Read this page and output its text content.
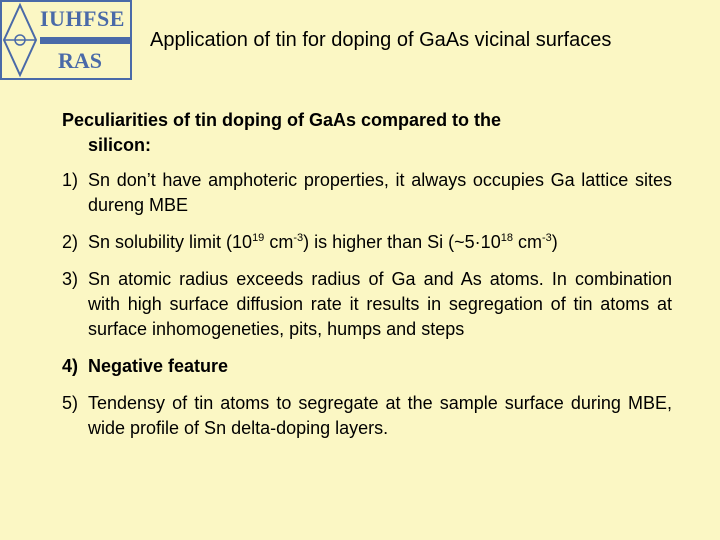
IUHFSE
RAS
Application of tin for doping of GaAs vicinal surfaces
Peculiarities of tin doping of GaAs compared to the
silicon:
1) Sn don’t have amphoteric properties, it always occupies Ga lattice sites dureng MBE
2) Sn solubility limit ($10^{19}$ $cm^{-3}$) is higher than Si ($\sim 5\cdot 10^{18}$ $cm^{-3}$)
3) Sn atomic radius exceeds radius of Ga and As atoms. In combination with high surface diffusion rate it results in segregation of tin atoms at surface inhomogeneties, pits, humps and steps
4) Negative feature
5) Tendensy of tin atoms to segregate at the sample surface during MBE, wide profile of Sn delta-doping layers.
